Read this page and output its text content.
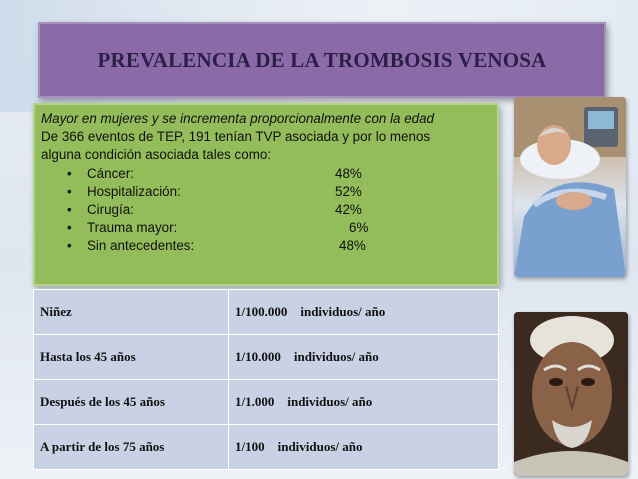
PREVALENCIA DE LA TROMBOSIS VENOSA

Mayor en mujeres y se incrementa proporcionalmente con la edad

De 366 eventos de TEP, 191 tenían TVP asociada y por lo menos

alguna condición asociada tales como:

•	Cáncer:	48%
•	Hospitalización:	52%
•	Cirugía:	42%
•	Trauma mayor:	6%
•	Sin antecedentes:	48%
Niñez	1/100.000    individuos/ año
Hasta los 45 años	1/10.000    individuos/ año
Después de los 45 años	1/1.000    individuos/ año
A partir de los 75 años	1/100    individuos/ año
